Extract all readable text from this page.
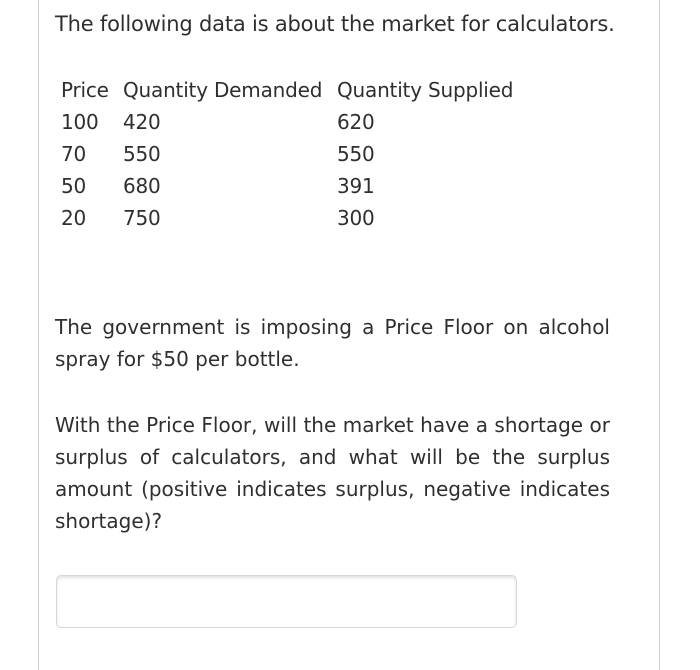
The following data is about the market for calculators.
Price	Quantity Demanded	Quantity Supplied
100	420	620
70	550	550
50	680	391
20	750	300

The government is imposing a Price Floor on alcohol spray for $50 per bottle.

With the Price Floor, will the market have a shortage or surplus of calculators, and what will be the surplus amount (positive indicates surplus, negative indicates shortage)?
